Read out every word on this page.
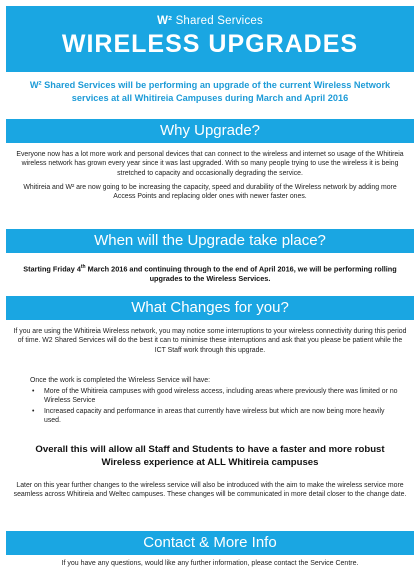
W² Shared Services
WIRELESS UPGRADES
W² Shared Services will be performing an upgrade of the current Wireless Network services at all Whitireia Campuses during March and April 2016
Why Upgrade?
Everyone now has a lot more work and personal devices that can connect to the wireless and internet so usage of the Whitireia wireless network has grown every year since it was last upgraded. With so many people trying to use the wireless it is being stretched to capacity and occasionally degrading the service.
Whitireia and W² are now going to be increasing the capacity, speed and durability of the Wireless network by adding more Access Points and replacing older ones with newer faster ones.
When will the Upgrade take place?
Starting Friday 4th March 2016 and continuing through to the end of April 2016, we will be performing rolling upgrades to the Wireless Services.
What Changes for you?
If you are using the Whitireia Wireless network, you may notice some interruptions to your wireless connectivity during this period of time. W2 Shared Services will do the best it can to minimise these interruptions and ask that you please be patient while the ICT Staff work through this upgrade.
Once the work is completed the Wireless Service will have:
• More of the Whitireia campuses with good wireless access, including areas where previously there was limited or no Wireless Service
• Increased capacity and performance in areas that currently have wireless but which are now being more heavily used.
Overall this will allow all Staff and Students to have a faster and more robust Wireless experience at ALL Whitireia campuses
Later on this year further changes to the wireless service will also be introduced with the aim to make the wireless service more seamless across Whitireia and Weltec campuses. These changes will be communicated in more detail closer to the change date.
Contact & More Info
If you have any questions, would like any further information, please contact the Service Centre.
